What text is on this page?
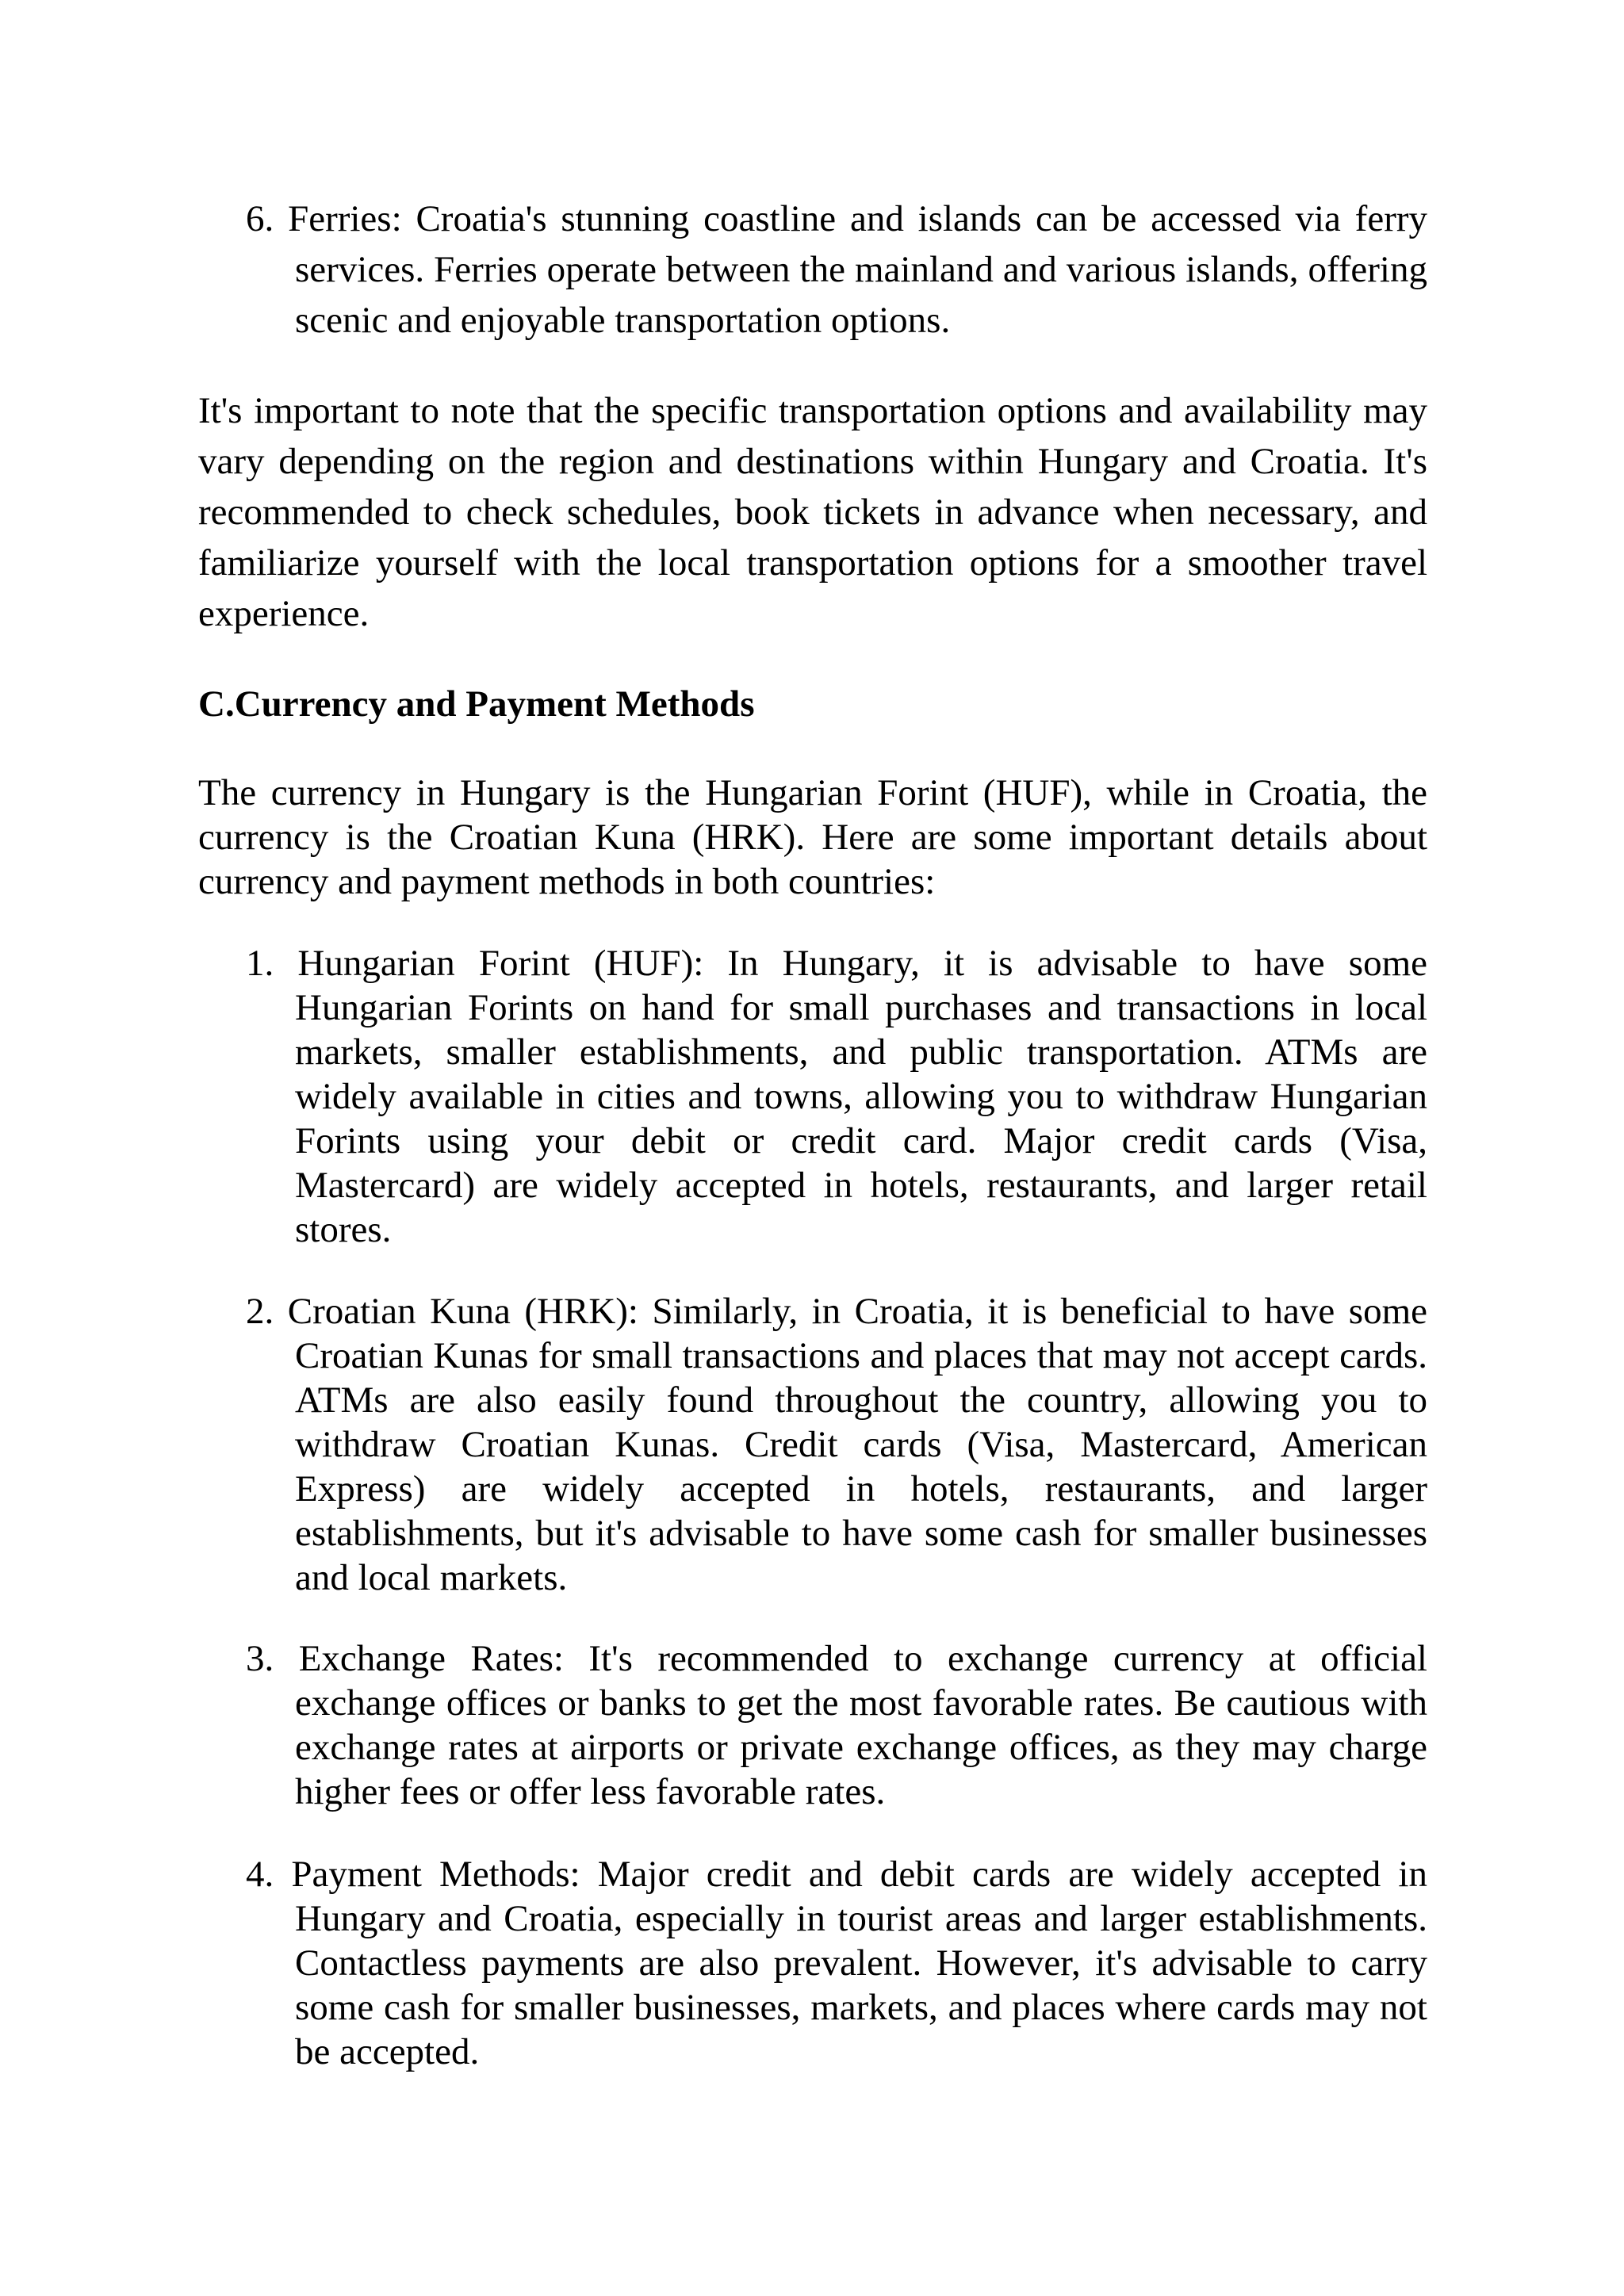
6. Ferries: Croatia's stunning coastline and islands can be accessed via ferry services. Ferries operate between the mainland and various islands, offering scenic and enjoyable transportation options.

It's important to note that the specific transportation options and availability may vary depending on the region and destinations within Hungary and Croatia. It's recommended to check schedules, book tickets in advance when necessary, and familiarize yourself with the local transportation options for a smoother travel experience.

C.Currency and Payment Methods

The currency in Hungary is the Hungarian Forint (HUF), while in Croatia, the currency is the Croatian Kuna (HRK). Here are some important details about currency and payment methods in both countries:

1. Hungarian Forint (HUF): In Hungary, it is advisable to have some Hungarian Forints on hand for small purchases and transactions in local markets, smaller establishments, and public transportation. ATMs are widely available in cities and towns, allowing you to withdraw Hungarian Forints using your debit or credit card. Major credit cards (Visa, Mastercard) are widely accepted in hotels, restaurants, and larger retail stores.

2. Croatian Kuna (HRK): Similarly, in Croatia, it is beneficial to have some Croatian Kunas for small transactions and places that may not accept cards. ATMs are also easily found throughout the country, allowing you to withdraw Croatian Kunas. Credit cards (Visa, Mastercard, American Express) are widely accepted in hotels, restaurants, and larger establishments, but it's advisable to have some cash for smaller businesses and local markets.

3. Exchange Rates: It's recommended to exchange currency at official exchange offices or banks to get the most favorable rates. Be cautious with exchange rates at airports or private exchange offices, as they may charge higher fees or offer less favorable rates.

4. Payment Methods: Major credit and debit cards are widely accepted in Hungary and Croatia, especially in tourist areas and larger establishments. Contactless payments are also prevalent. However, it's advisable to carry some cash for smaller businesses, markets, and places where cards may not be accepted.
